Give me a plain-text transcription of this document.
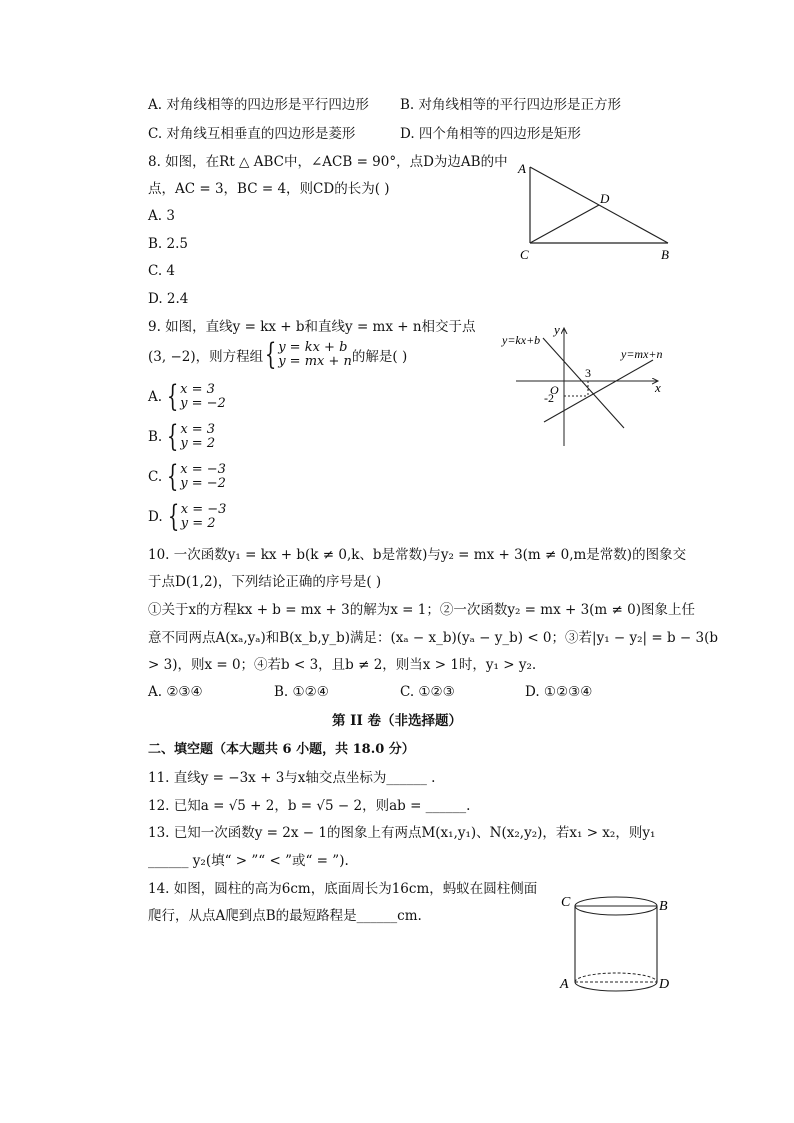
A. 对角线相等的四边形是平行四边形 B. 对角线相等的平行四边形是正方形
C. 对角线互相垂直的四边形是菱形	D. 四个角相等的四边形是矩形
8. 如图，在Rt △ ABC中，∠ACB = 90°，点D为边AB的中
点，AC = 3，BC = 4，则CD的长为( )
A. 3
B. 2.5
C. 4
D. 2.4
A
D
C	B
9. 如图，直线y = kx + b和直线y = mx + n相交于点
(3, −2)，则方程组 { y = kx + b
y = mx + n 的解是( )
A. { x = 3
y = −2
B. { x = 3
y = 2
C. { x = −3
y = −2
D. { x = −3
y = 2
y=kx+b
y=mx+n
y
x
O
3
-2
10. 一次函数y₁ = kx + b(k ≠ 0,k、b是常数)与y₂ = mx + 3(m ≠ 0,m是常数)的图象交
于点D(1,2)，下列结论正确的序号是( )
①关于x的方程kx + b = mx + 3的解为x = 1；②一次函数y₂ = mx + 3(m ≠ 0)图象上任
意不同两点A(xₐ,yₐ)和B(x_b,y_b)满足：(xₐ − x_b)(yₐ − y_b) < 0；③若|y₁ − y₂| = b − 3(b
> 3)，则x = 0；④若b < 3，且b ≠ 2，则当x > 1时，y₁ > y₂.
A. ②③④	B. ①②④	C. ①②③	D. ①②③④
第 II 卷（非选择题）
二、填空题（本大题共 6 小题，共 18.0 分）
11. 直线y = −3x + 3与x轴交点坐标为______ .
12. 已知a = √5 + 2，b = √5 − 2，则ab = ______.
13. 已知一次函数y = 2x − 1的图象上有两点M(x₁,y₁)、N(x₂,y₂)，若x₁ > x₂，则y₁
______ y₂(填“ > ”“ < ”或“ = ”).
14. 如图，圆柱的高为6cm，底面周长为16cm，蚂蚁在圆柱侧面
爬行，从点A爬到点B的最短路程是______cm.
C	B
A	D
